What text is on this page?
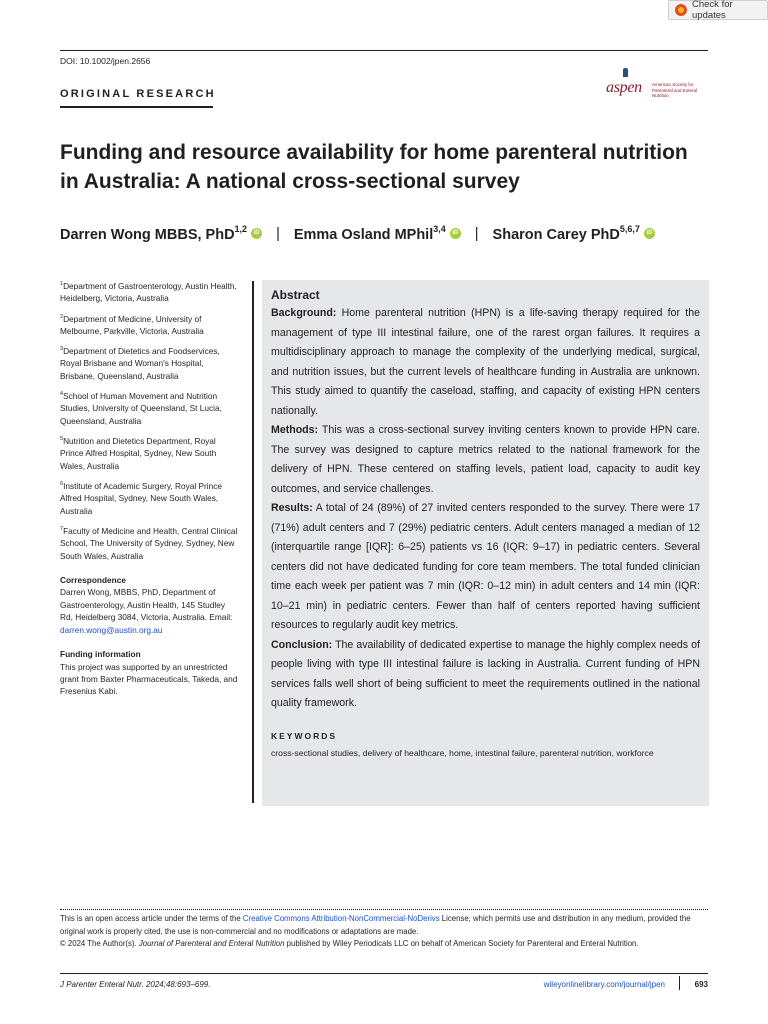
Check for updates
DOI: 10.1002/jpen.2656
ORIGINAL RESEARCH	aspen American Society for
Parenteral and Enteral Nutrition
Funding and resource availability for home parenteral nutrition in Australia: A national cross-sectional survey
Darren Wong MBBS, PhD$^{1,2}$	iD | Emma Osland MPhil$^{3,4}$	iD | Sharon Carey PhD$^{5,6,7}$	iD
$^1$Department of Gastroenterology, Austin Health, Heidelberg, Victoria, Australia
$^2$Department of Medicine, University of Melbourne, Parkville, Victoria, Australia
$^3$Department of Dietetics and Foodservices, Royal Brisbane and Woman's Hospital, Brisbane, Queensland, Australia
$^4$School of Human Movement and Nutrition Studies, University of Queensland, St Lucia, Queensland, Australia
$^5$Nutrition and Dietetics Department, Royal Prince Alfred Hospital, Sydney, New South Wales, Australia
$^6$Institute of Academic Surgery, Royal Prince Alfred Hospital, Sydney, New South Wales, Australia
$^7$Faculty of Medicine and Health, Central Clinical School, The University of Sydney, Sydney, New South Wales, Australia
Correspondence
Darren Wong, MBBS, PhD, Department of Gastroenterology, Austin Health, 145 Studley Rd, Heidelberg 3084, Victoria, Australia. Email: darren.wong@austin.org.au
Funding information
This project was supported by an unrestricted grant from Baxter Pharmaceuticals, Takeda, and Fresenius Kabi.
Abstract

Background: Home parenteral nutrition (HPN) is a life-saving therapy required for the management of type III intestinal failure, one of the rarest organ failures. It requires a multidisciplinary approach to manage the complexity of the underlying medical, surgical, and nutrition issues, but the current levels of healthcare funding in Australia are unknown. This study aimed to quantify the caseload, staffing, and capacity of existing HPN centers nationally.

Methods: This was a cross-sectional survey inviting centers known to provide HPN care. The survey was designed to capture metrics related to the national framework for the delivery of HPN. These centered on staffing levels, patient load, capacity to audit key outcomes, and service challenges.

Results: A total of 24 (89%) of 27 invited centers responded to the survey. There were 17 (71%) adult centers and 7 (29%) pediatric centers. Adult centers managed a median of 12 (interquartile range [IQR]: 6–25) patients vs 16 (IQR: 9–17) in pediatric centers. Several centers did not have dedicated funding for core team members. The total funded clinician time each week per patient was 7 min (IQR: 0–12 min) in adult centers and 14 min (IQR: 10–21 min) in pediatric centers. Fewer than half of centers reported having sufficient resources to regularly audit key metrics.

Conclusion: The availability of dedicated expertise to manage the highly complex needs of people living with type III intestinal failure is lacking in Australia. Current funding of HPN services falls well short of being sufficient to meet the requirements outlined in the national quality framework.

KEYWORDS
cross-sectional studies, delivery of healthcare, home, intestinal failure, parenteral nutrition, workforce
This is an open access article under the terms of the Creative Commons Attribution-NonCommercial-NoDerivs License, which permits use and distribution in any medium, provided the original work is properly cited, the use is non-commercial and no modifications or adaptations are made.
© 2024 The Author(s). Journal of Parenteral and Enteral Nutrition published by Wiley Periodicals LLC on behalf of American Society for Parenteral and Enteral Nutrition.
J Parenter Enteral Nutr. 2024;48:693–699.	wileyonlinelibrary.com/journal/jpen	693
